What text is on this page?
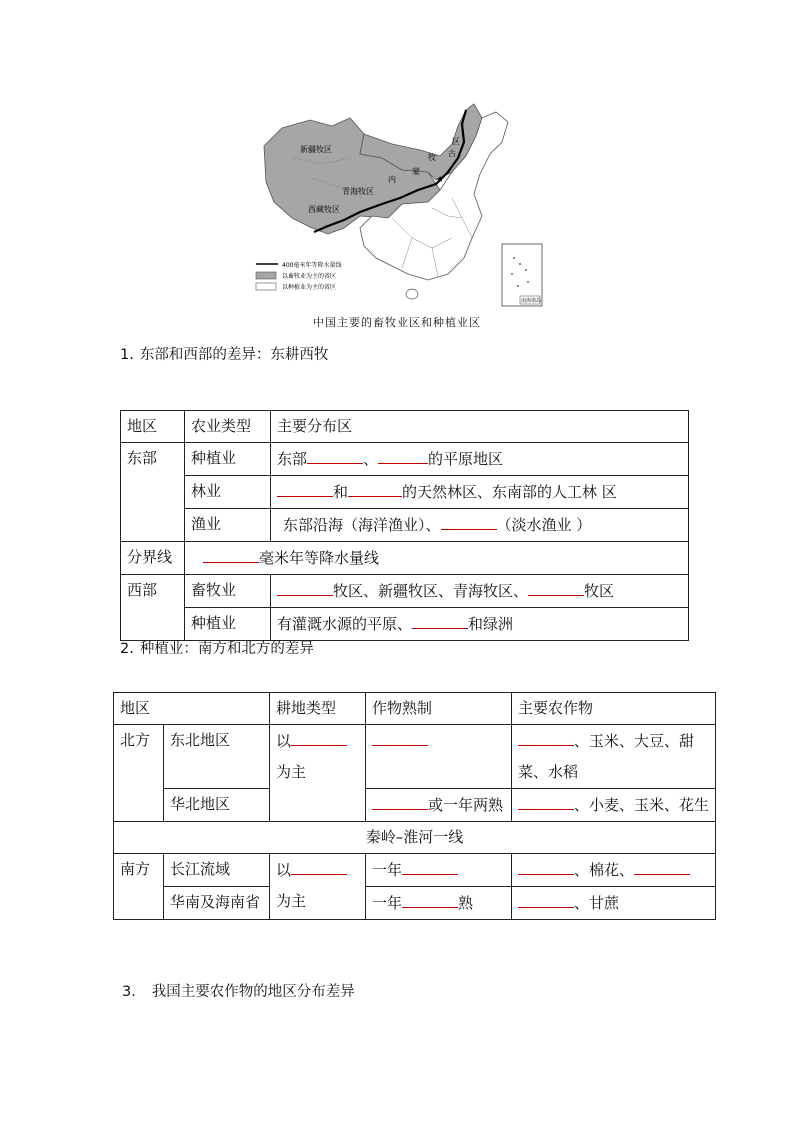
新疆牧区
青海牧区
西藏牧区
内
蒙
古
牧
区
★
400毫米年等降水量线
以畜牧业为主的省区
以种植业为主的省区
南海诸岛
中国主要的畜牧业区和种植业区
1. 东部和西部的差异：东耕西牧
地区	农业类型	主要分布区
东部	种植业	东部 、 的平原地区
	林业	和 的天然林区、东南部的人工林 区
	渔业	东部沿海（海洋渔业）、 （淡水渔业 ）
分界线	毫米年等降水量线	
西部	畜牧业	牧区、新疆牧区、青海牧区、 牧区
	种植业	有灌溉水源的平原、 和绿洲
2. 种植业：南方和北方的差异
地区		耕地类型	作物熟制	主要农作物
北方	东北地区	以
为主		、玉米、大豆、甜菜、水稻
	华北地区		或一年两熟	、小麦、玉米、花生
秦岭–淮河一线				
南方	长江流域	以
为主	一年	、棉花、
	华南及海南省		一年 熟	、甘蔗
3． 我国主要农作物的地区分布差异
